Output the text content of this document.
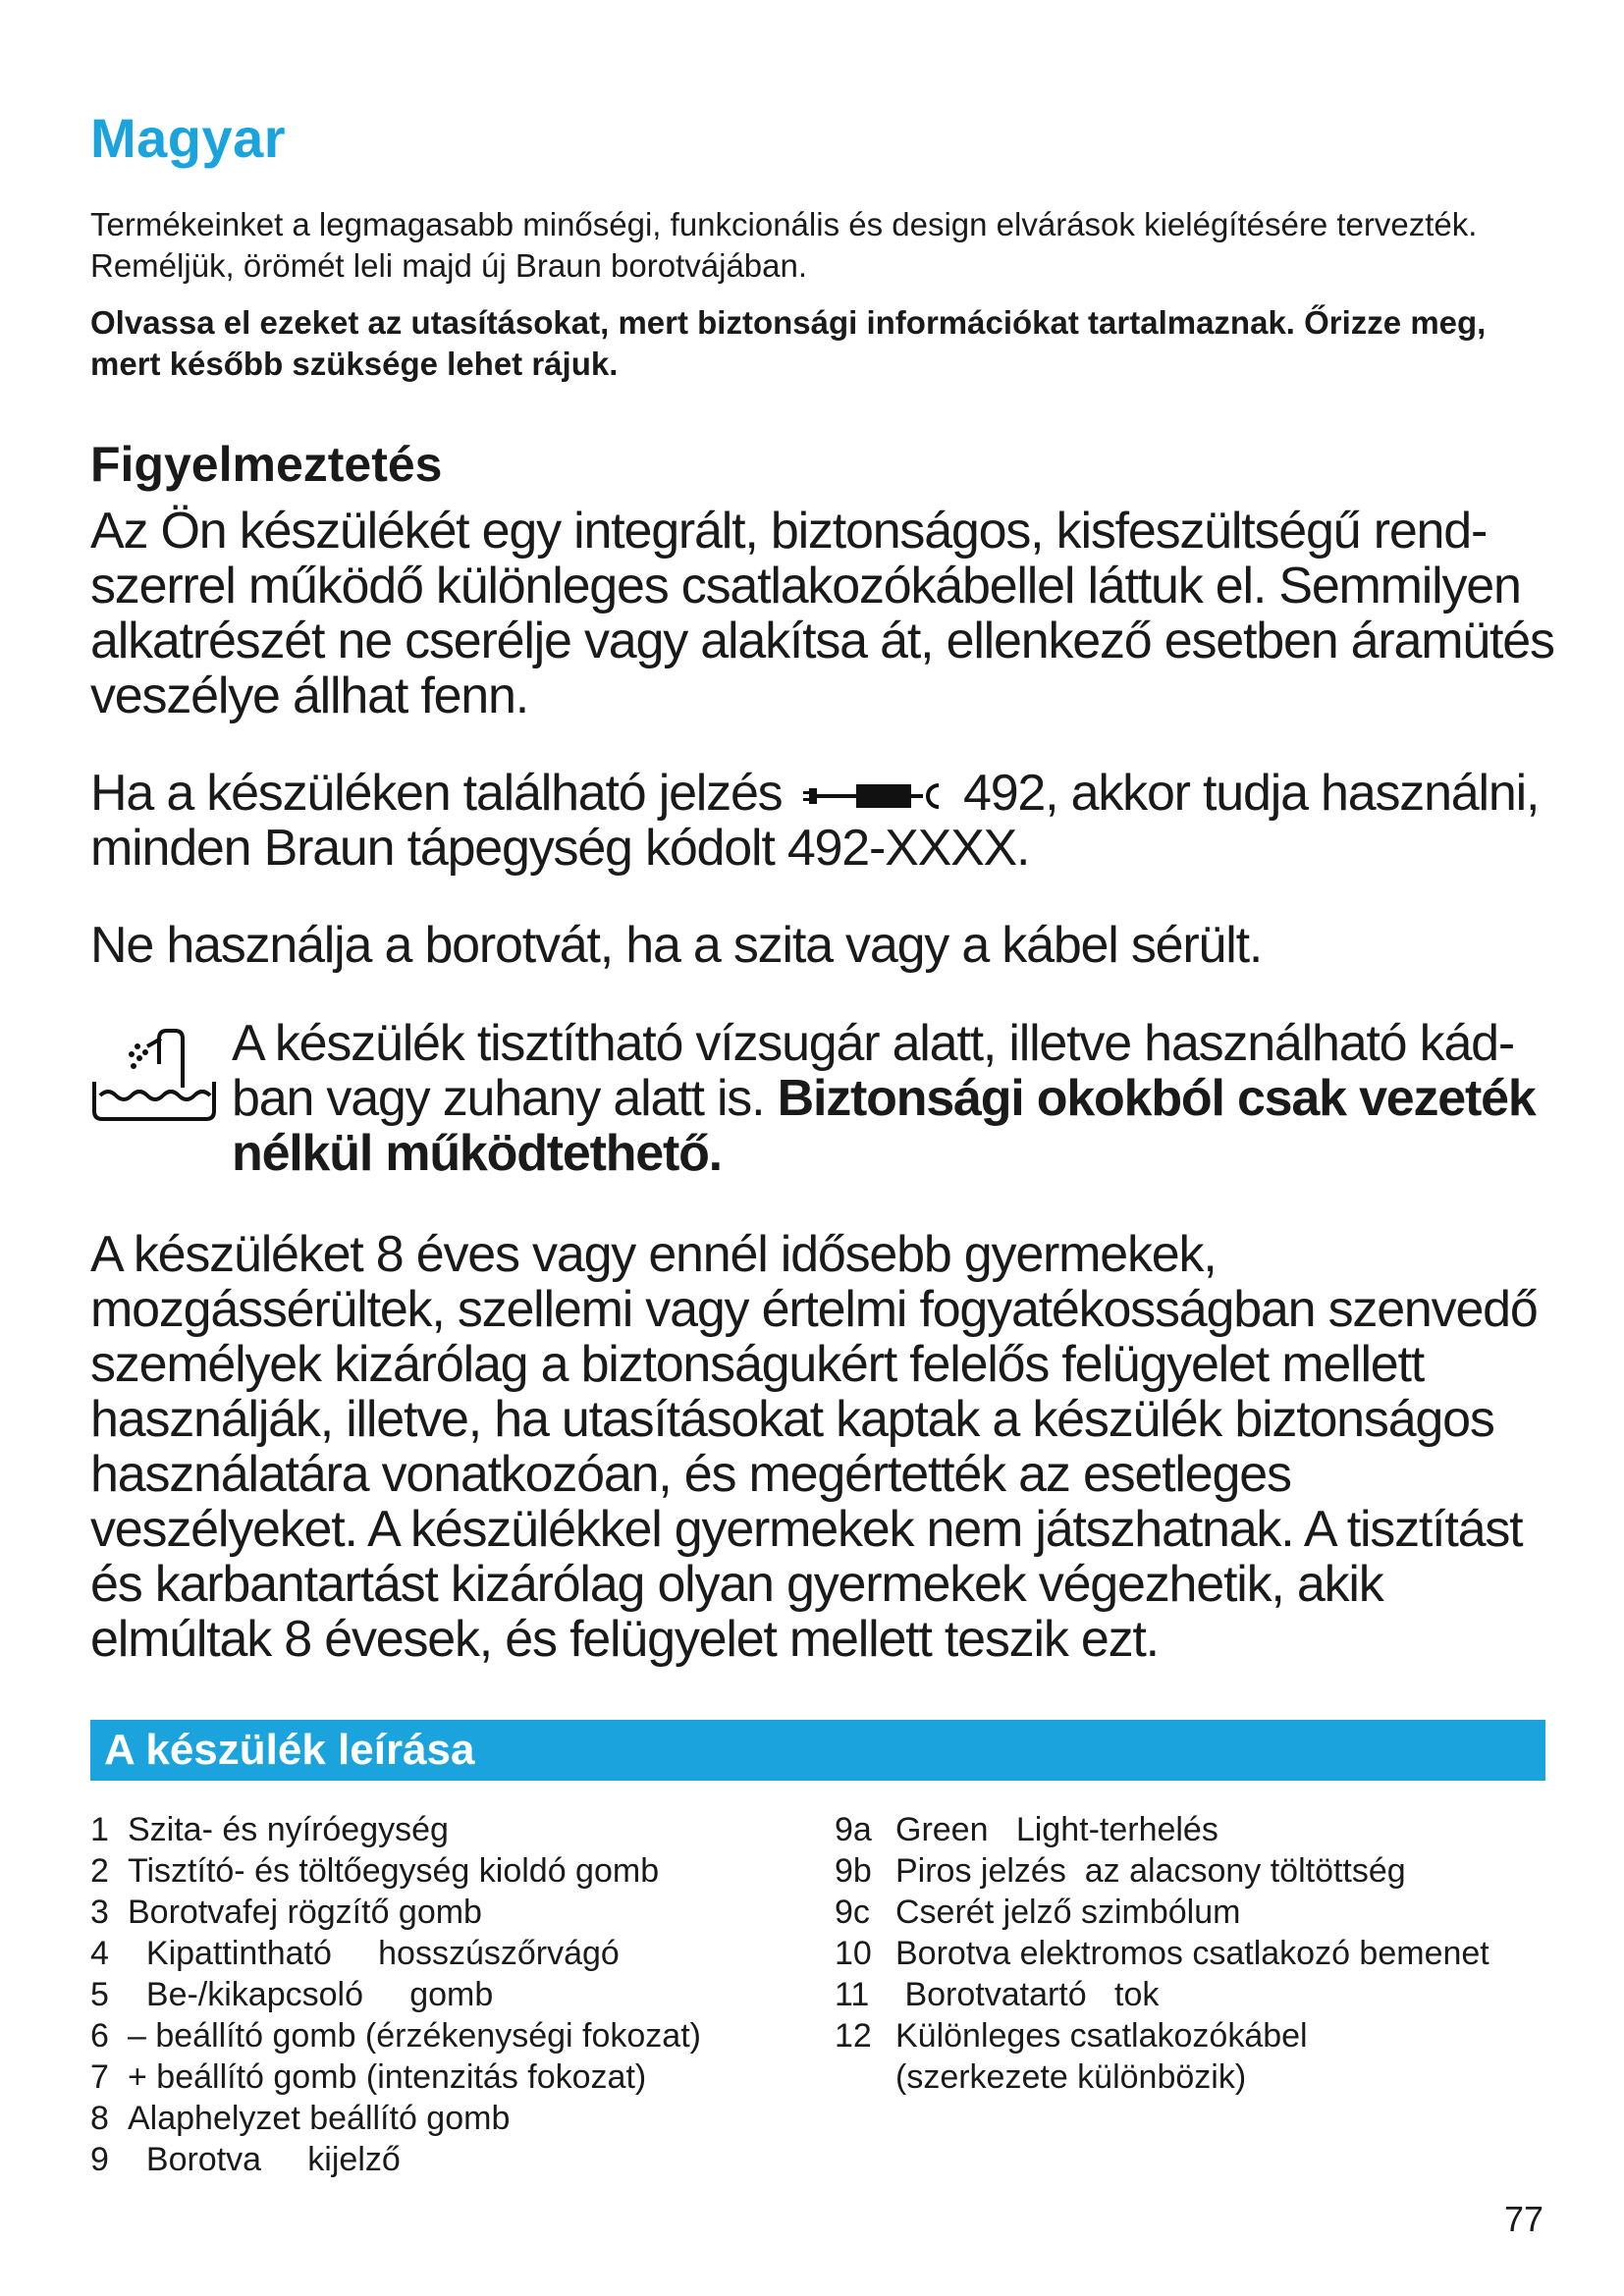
Magyar

Termékeinket a legmagasabb minőségi, funkcionális és design elvárások kielégítésére tervezték. Reméljük, örömét leli majd új Braun borotvájában.

Olvassa el ezeket az utasításokat, mert biztonsági információkat tartalmaznak. Őrizze meg, mert később szüksége lehet rájuk.

Figyelmeztetés

Az Ön készülékét egy integrált, biztonságos, kisfeszültségű rendszerrel működő különleges csatlakozókábellel láttuk el. Semmilyen alkatrészét ne cserélje vagy alakítsa át, ellenkező esetben áramütés veszélye állhat fenn.

Ha a készüléken található jelzés	492, akkor tudja használni, minden Braun tápegység kódolt 492-XXXX.

Ne használja a borotvát, ha a szita vagy a kábel sérült.

A készülék tisztítható vízsugár alatt, illetve használható kádban vagy zuhany alatt is. Biztonsági okokból csak vezeték nélkül működtethető.

A készüléket 8 éves vagy ennél idősebb gyermekek, mozgássérültek, szellemi vagy értelmi fogyatékosságban szenvedő személyek kizárólag a biztonságukért felelős felügyelet mellett használják, illetve, ha utasításokat kaptak a készülék biztonságos használatára vonatkozóan, és megértették az esetleges veszélyeket. A készülékkel gyermekek nem játszhatnak. A tisztítást és karbantartást kizárólag olyan gyermekek végezhetik, akik elmúltak 8 évesek, és felügyelet mellett teszik ezt.

A készülék leírása
1 Szita- és nyíróegység
2 Tisztító- és töltőegység kioldó gomb
3 Borotvafej rögzítő gomb
4 Kipattintható     hosszúszőrvágó
5 Be-/kikapcsoló     gomb
6 – beállító gomb (érzékenységi fokozat)
7 + beállító gomb (intenzitás fokozat)
8 Alaphelyzet beállító gomb
9 Borotva     kijelző
9a Green   Light-terhelés
9b Piros jelzés  az alacsony töltöttség
9c Cserét jelző szimbólum
10 Borotva elektromos csatlakozó bemenet
11 Borotvatartó   tok
12 Különleges csatlakozókábel (szerkezete különbözik)

77
